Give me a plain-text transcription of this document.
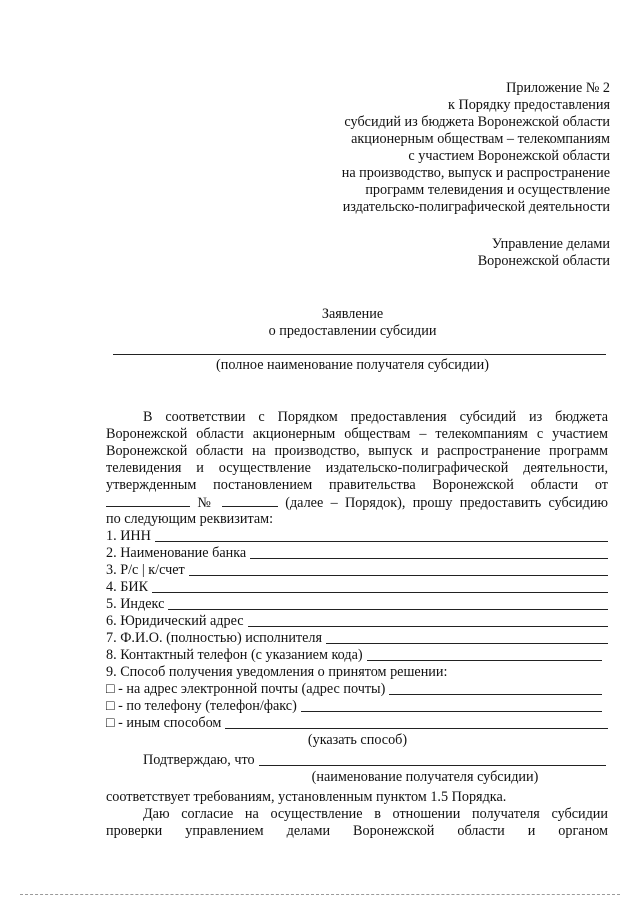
Приложение № 2
к Порядку предоставления
субсидий из бюджета Воронежской области
акционерным обществам – телекомпаниям
с участием Воронежской области
на производство, выпуск и распространение
программ телевидения и осуществление
издательско-полиграфической деятельности
Управление делами
Воронежской области
Заявление
о предоставлении субсидии
(полное наименование получателя субсидии)
В соответствии с Порядком предоставления субсидий из бюджета
Воронежской области акционерным обществам – телекомпаниям с участием
Воронежской области на производство, выпуск и распространение программ
телевидения и осуществление издательско-полиграфической деятельности,
утвержденным постановлением правительства Воронежской области от
№	(далее – Порядок), прошу предоставить субсидию
по следующим реквизитам:
1. ИНН
2. Наименование банка
3. Р/с | к/счет
4. БИК
5. Индекс
6. Юридический адрес
7. Ф.И.О. (полностью) исполнителя
8. Контактный телефон (с указанием кода)
9. Способ получения уведомления о принятом решении:
□ - на адрес электронной почты (адрес почты)
□ - по телефону (телефон/факс)
□ - иным способом
(указать способ)
Подтверждаю, что
(наименование получателя субсидии)
соответствует требованиям, установленным пунктом 1.5 Порядка.
Даю согласие на осуществление в отношении получателя субсидии
проверки управлением делами Воронежской области и органом
